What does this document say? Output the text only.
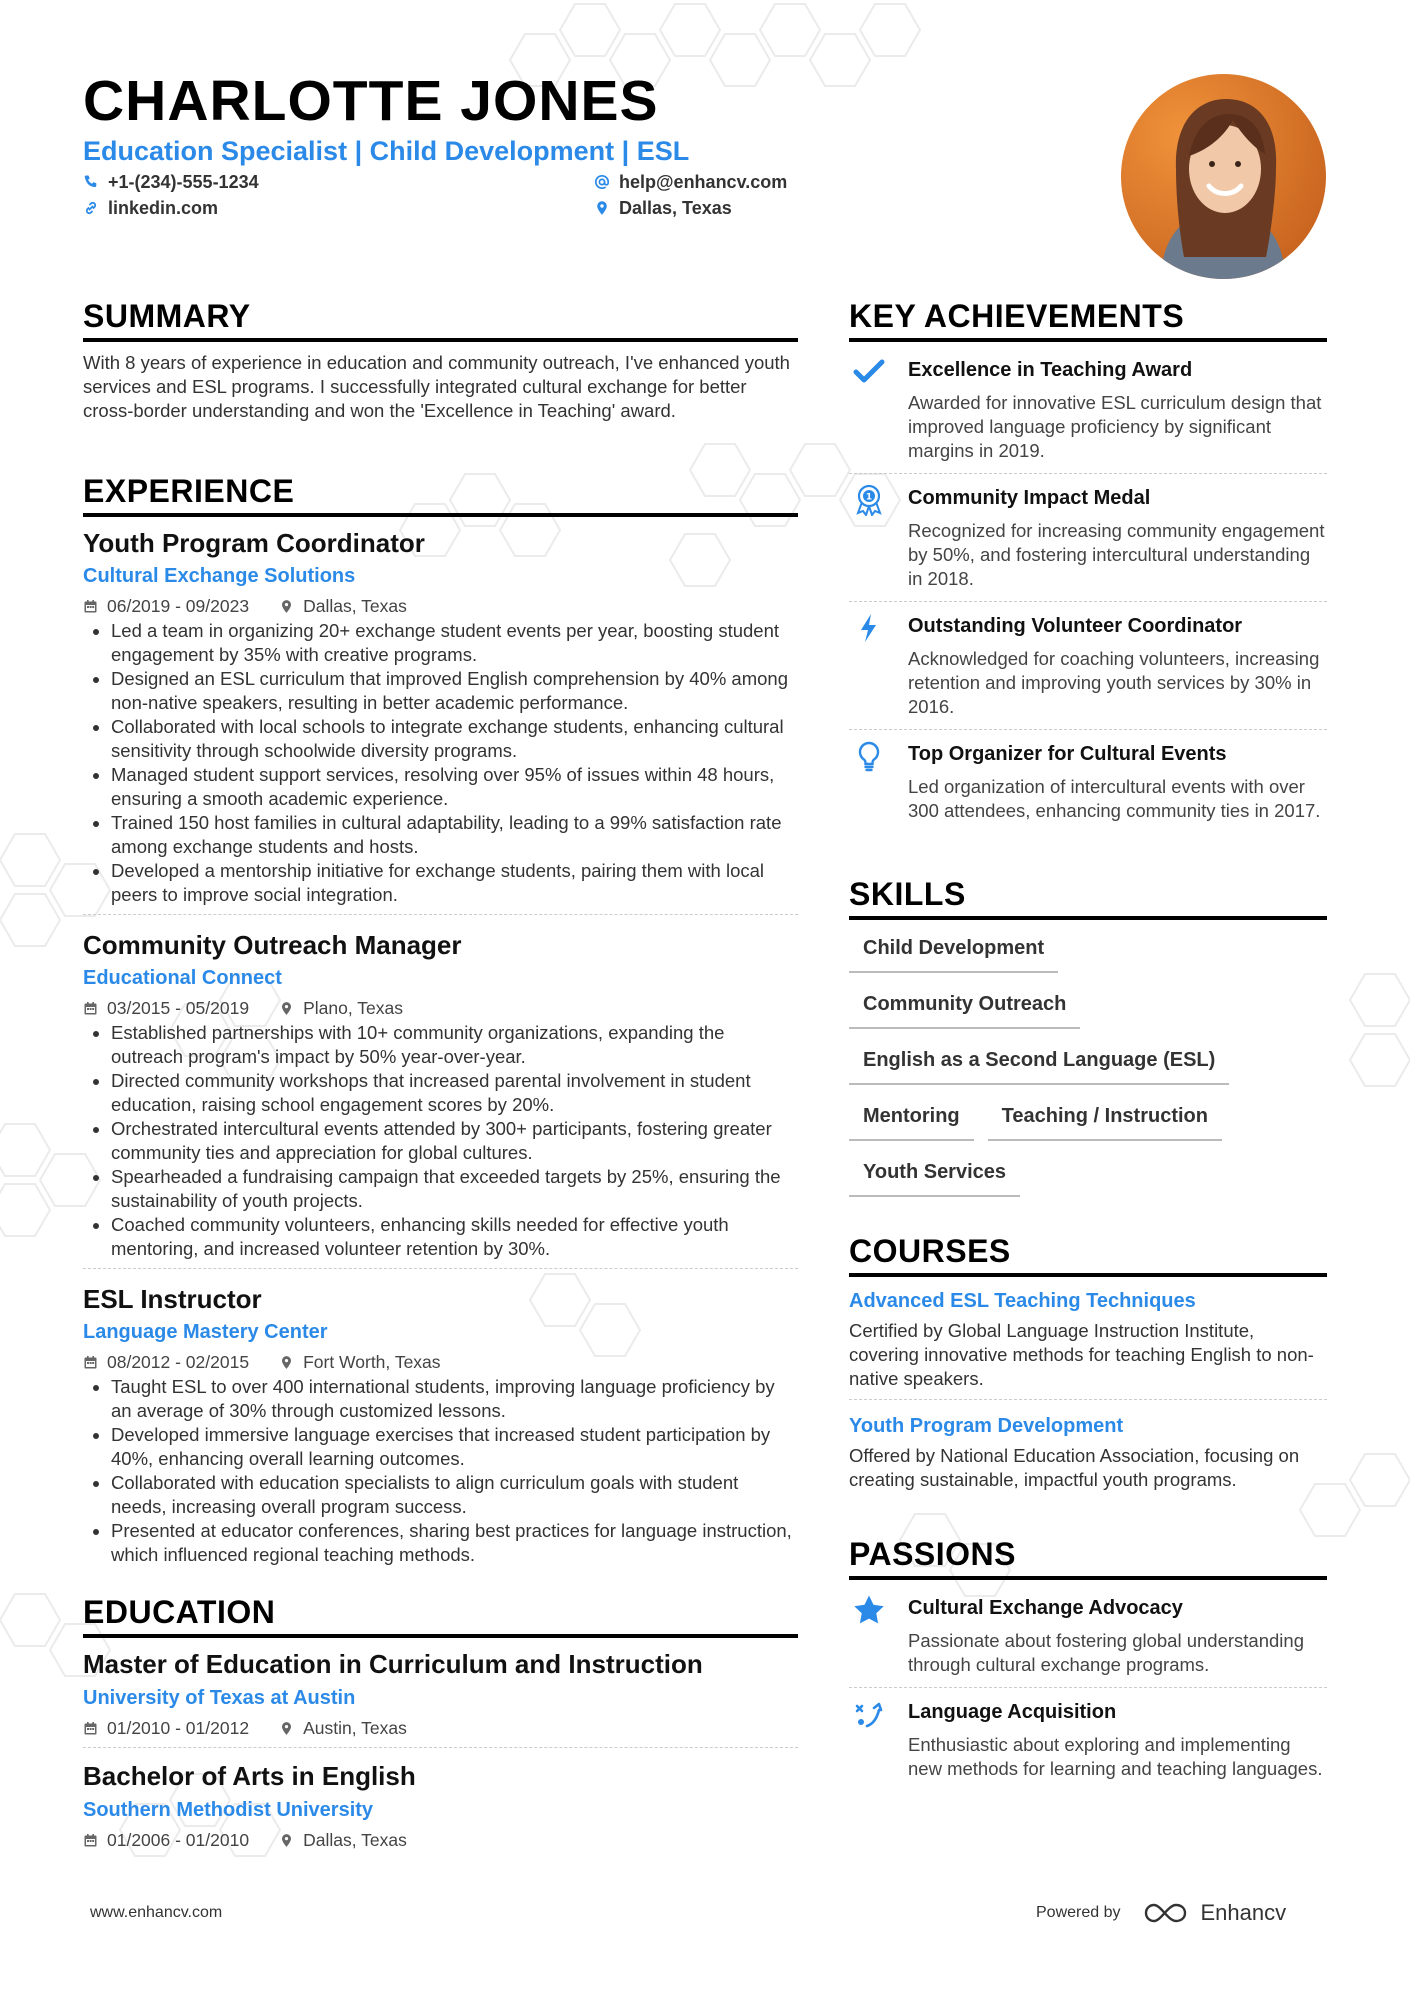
CHARLOTTE JONES
Education Specialist | Child Development | ESL
+1-(234)-555-1234
linkedin.com
help@enhancv.com
Dallas, Texas
SUMMARY
With 8 years of experience in education and community outreach, I've enhanced youth services and ESL programs. I successfully integrated cultural exchange for better cross-border understanding and won the 'Excellence in Teaching' award.
EXPERIENCE
Youth Program Coordinator
Cultural Exchange Solutions
06/2019 - 09/2023	Dallas, Texas
• Led a team in organizing 20+ exchange student events per year, boosting student engagement by 35% with creative programs.
• Designed an ESL curriculum that improved English comprehension by 40% among non-native speakers, resulting in better academic performance.
• Collaborated with local schools to integrate exchange students, enhancing cultural sensitivity through schoolwide diversity programs.
• Managed student support services, resolving over 95% of issues within 48 hours, ensuring a smooth academic experience.
• Trained 150 host families in cultural adaptability, leading to a 99% satisfaction rate among exchange students and hosts.
• Developed a mentorship initiative for exchange students, pairing them with local peers to improve social integration.
Community Outreach Manager
Educational Connect
03/2015 - 05/2019	Plano, Texas
• Established partnerships with 10+ community organizations, expanding the outreach program's impact by 50% year-over-year.
• Directed community workshops that increased parental involvement in student education, raising school engagement scores by 20%.
• Orchestrated intercultural events attended by 300+ participants, fostering greater community ties and appreciation for global cultures.
• Spearheaded a fundraising campaign that exceeded targets by 25%, ensuring the sustainability of youth projects.
• Coached community volunteers, enhancing skills needed for effective youth mentoring, and increased volunteer retention by 30%.
ESL Instructor
Language Mastery Center
08/2012 - 02/2015	Fort Worth, Texas
• Taught ESL to over 400 international students, improving language proficiency by an average of 30% through customized lessons.
• Developed immersive language exercises that increased student participation by 40%, enhancing overall learning outcomes.
• Collaborated with education specialists to align curriculum goals with student needs, increasing overall program success.
• Presented at educator conferences, sharing best practices for language instruction, which influenced regional teaching methods.
EDUCATION
Master of Education in Curriculum and Instruction
University of Texas at Austin
01/2010 - 01/2012	Austin, Texas
Bachelor of Arts in English
Southern Methodist University
01/2006 - 01/2010	Dallas, Texas
KEY ACHIEVEMENTS
Excellence in Teaching Award
Awarded for innovative ESL curriculum design that improved language proficiency by significant margins in 2019.
1 Community Impact Medal
Recognized for increasing community engagement by 50%, and fostering intercultural understanding in 2018.
Outstanding Volunteer Coordinator
Acknowledged for coaching volunteers, increasing retention and improving youth services by 30% in 2016.
Top Organizer for Cultural Events
Led organization of intercultural events with over 300 attendees, enhancing community ties in 2017.
SKILLS
Child Development
Community Outreach
English as a Second Language (ESL)
Mentoring Teaching / Instruction
Youth Services
COURSES
Advanced ESL Teaching Techniques
Certified by Global Language Instruction Institute, covering innovative methods for teaching English to non-native speakers.
Youth Program Development
Offered by National Education Association, focusing on creating sustainable, impactful youth programs.
PASSIONS
Cultural Exchange Advocacy
Passionate about fostering global understanding through cultural exchange programs.
Language Acquisition
Enthusiastic about exploring and implementing new methods for learning and teaching languages.
www.enhancv.com	Powered by	Enhancv
